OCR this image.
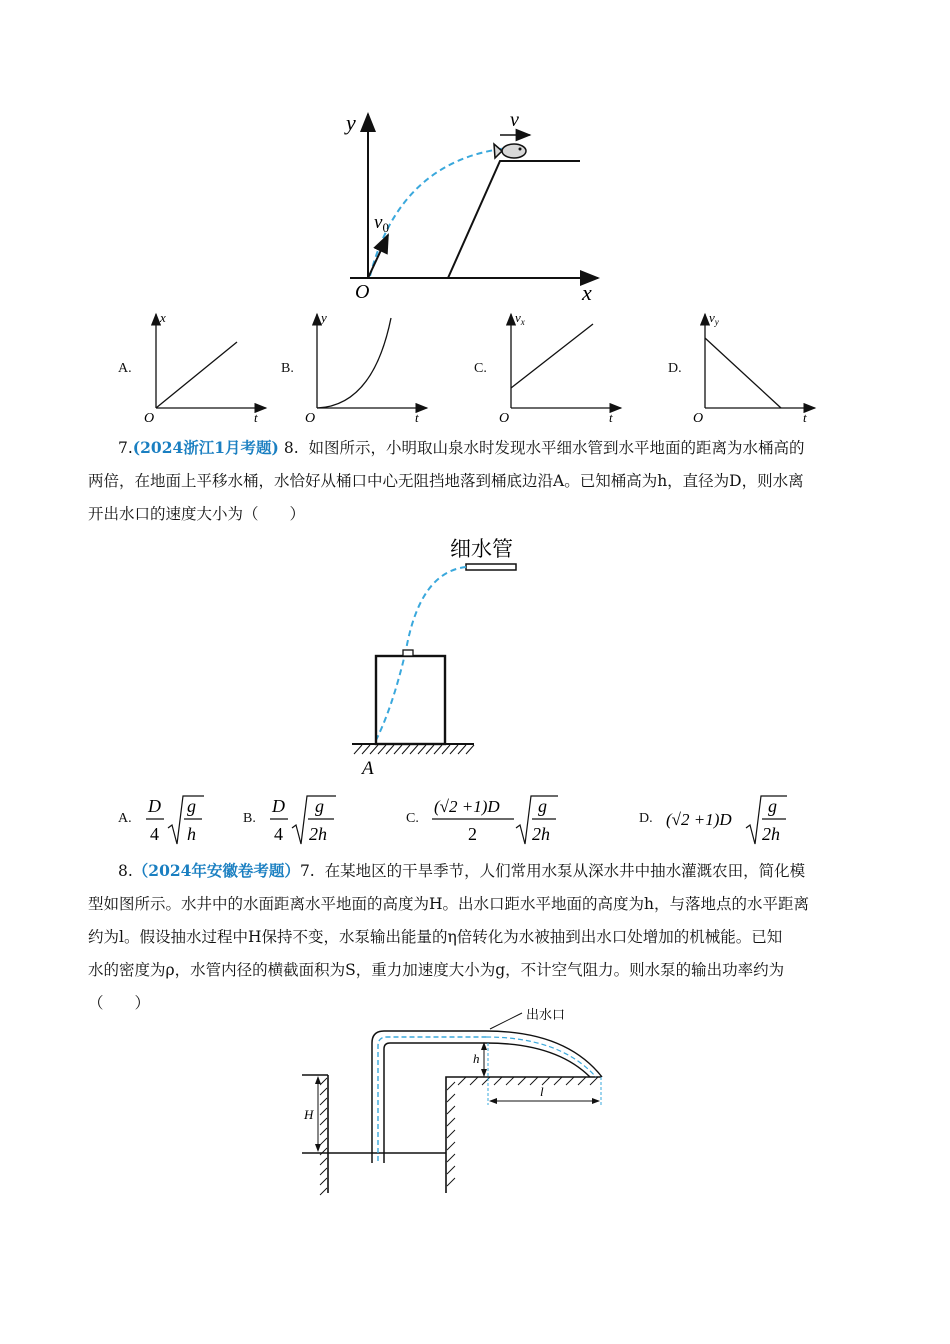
y
x
O
v
$v_0$
A.
x
t
O
B.
y
t
O
C.
$v_x$
t
O
D.
$v_y$
t
O

7.(2024浙江1月考题) 8. 如图所示，小明取山泉水时发现水平细水管到水平地面的距离为水桶高的

两倍，在地面上平移水桶，水恰好从桶口中心无阻挡地落到桶底边沿A。已知桶高为h，直径为D，则水离

开出水口的速度大小为（　　）

细水管
A
A.
D
4
g
h
B.
D
4
g
2h
C.
(√2 +1)D
2
g
2h
D. (√2 +1)D
g
2h

8.（2024年安徽卷考题）7. 在某地区的干旱季节，人们常用水泵从深水井中抽水灌溉农田，简化模

型如图所示。水井中的水面距离水平地面的高度为H。出水口距水平地面的高度为h，与落地点的水平距离

约为l。假设抽水过程中H保持不变，水泵输出能量的η倍转化为水被抽到出水口处增加的机械能。已知

水的密度为ρ，水管内径的横截面积为S，重力加速度大小为g，不计空气阻力。则水泵的输出功率约为

（　　）

出水口
h
H
l
